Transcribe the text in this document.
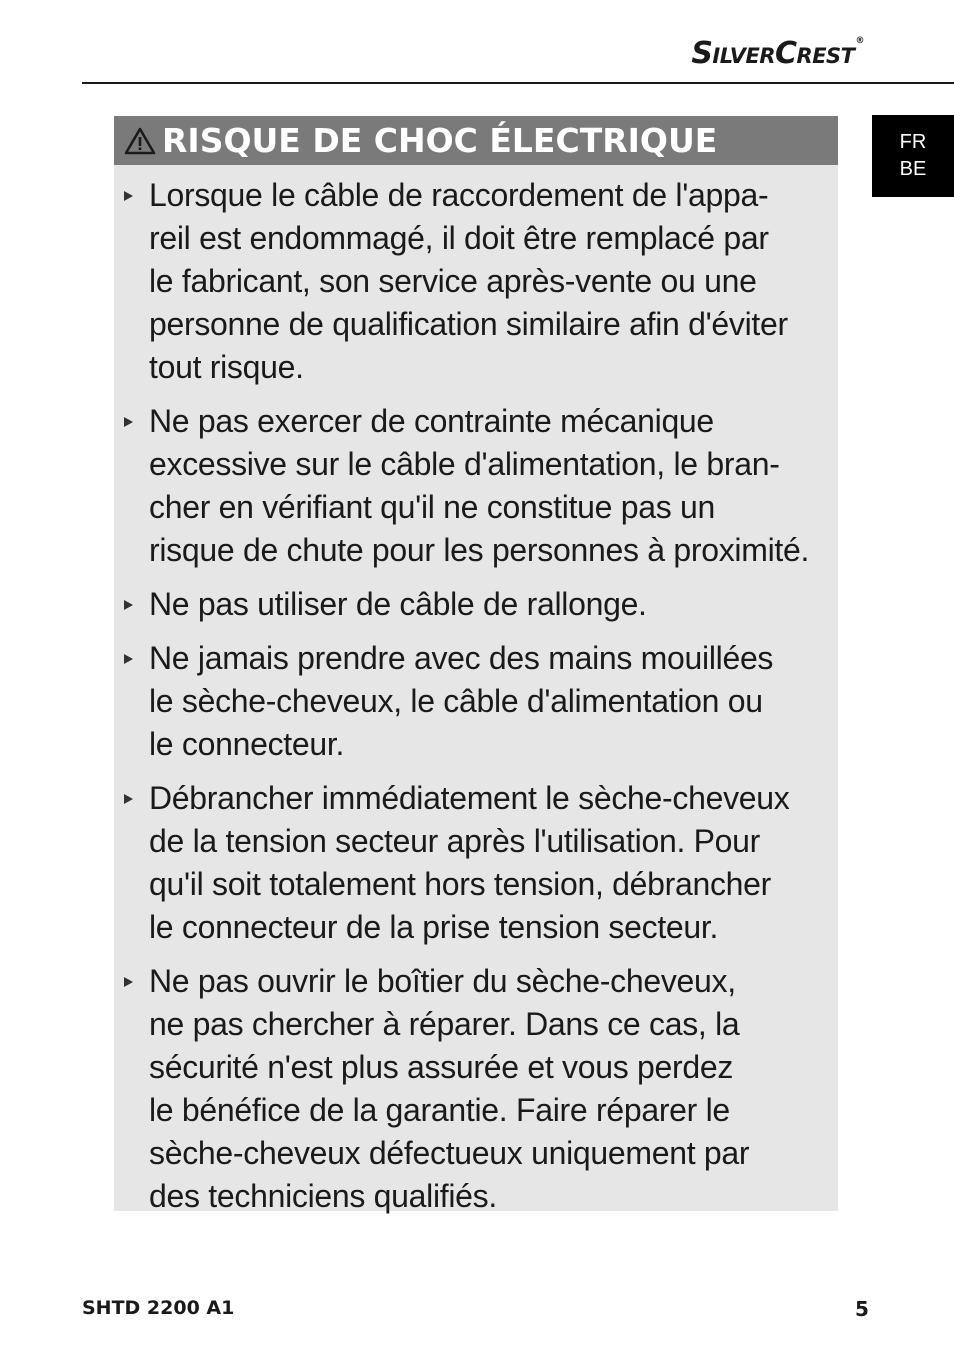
SilverCrest®
FR
BE
RISQUE DE CHOC ÉLECTRIQUE
Lorsque le câble de raccordement de l'appa-
reil est endommagé, il doit être remplacé par
le fabricant, son service après-vente ou une
personne de qualification similaire afin d'éviter
tout risque.
Ne pas exercer de contrainte mécanique
excessive sur le câble d'alimentation, le bran-
cher en vérifiant qu'il ne constitue pas un
risque de chute pour les personnes à proximité.
Ne pas utiliser de câble de rallonge.
Ne jamais prendre avec des mains mouillées
le sèche-cheveux, le câble d'alimentation ou
le connecteur.
Débrancher immédiatement le sèche-cheveux
de la tension secteur après l'utilisation. Pour
qu'il soit totalement hors tension, débrancher
le connecteur de la prise tension secteur.
Ne pas ouvrir le boîtier du sèche-cheveux,
ne pas chercher à réparer. Dans ce cas, la
sécurité n'est plus assurée et vous perdez
le bénéfice de la garantie. Faire réparer le
sèche-cheveux défectueux uniquement par
des techniciens qualifiés.
SHTD 2200 A1	5
